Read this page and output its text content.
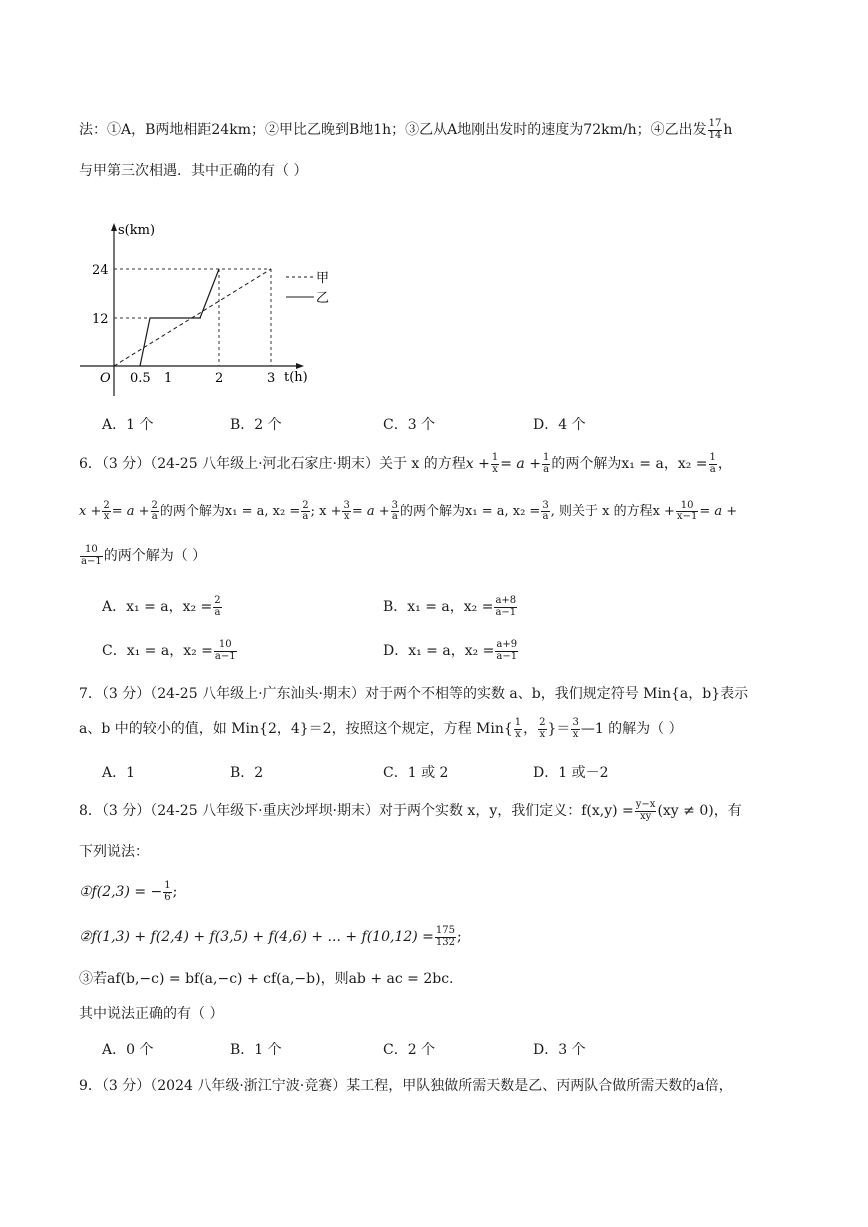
法：①A，B两地相距24km；②甲比乙晚到B地1h；③乙从A地刚出发时的速度为72km/h；④乙出发 $\frac{17}{14}$ h
与甲第三次相遇．其中正确的有（ ）
s(km)
t(h)
O
24
12
0.5 1	2	3
甲
乙
A．1 个	B．2 个	C．3 个	D．4 个
6．（3 分）（24-25 八年级上·河北石家庄·期末）关于 x 的方程$x + \frac{1}{x} = a + \frac{1}{a}$ 的两个解为x₁ = a，$x_2 = \frac{1}{a}$ ，
$x + \frac{2}{x} = a + \frac{2}{a}$ 的两个解为x₁ = a, $x_2 = \frac{2}{a}$ ; $x + \frac{3}{x} = a + \frac{3}{a}$ 的两个解为x₁ = a, $x_2 = \frac{3}{a}$ , 则关于 x 的方程$x + \frac{10}{x-1} = a$ +
$\frac{10}{a-1}$ 的两个解为（ ）
A．x₁ = a，$x_2 = \frac{2}{a}$	B．x₁ = a，$x_2 = \frac{a+8}{a-1}$
C．x₁ = a，$x_2 = \frac{10}{a-1}$	D．x₁ = a，$x_2 = \frac{a+9}{a-1}$
7．（3 分）（24-25 八年级上·广东汕头·期末）对于两个不相等的实数 a、b，我们规定符号 Min{a，b}表示
a、b 中的较小的值，如 Min{2，4}＝2，按照这个规定，方程 $Min\{ \frac{1}{x}$ ， $\frac{2}{x}$ }＝ $\frac{3}{x}$ —1 的解为（ ）
A．1	B．2	C．1 或 2	D．1 或－2
8．（3 分）（24-25 八年级下·重庆沙坪坝·期末）对于两个实数 x，y，我们定义：$f(x,y) = \frac{y-x}{xy} (xy \ne 0)$，有
下列说法：
①f(2,3) = − $\frac{1}{6}$ ;
②f(1,3) + f(2,4) + f(3,5) + f(4,6) + ... + $f(10,12) = \frac{175}{132}$ ;
③若af(b,−c) = bf(a,−c) + cf(a,−b)，则ab + ac = 2bc.
其中说法正确的有（ ）
A．0 个	B．1 个	C．2 个	D．3 个
9．（3 分）（2024 八年级·浙江宁波·竞赛）某工程，甲队独做所需天数是乙、丙两队合做所需天数的a倍，
